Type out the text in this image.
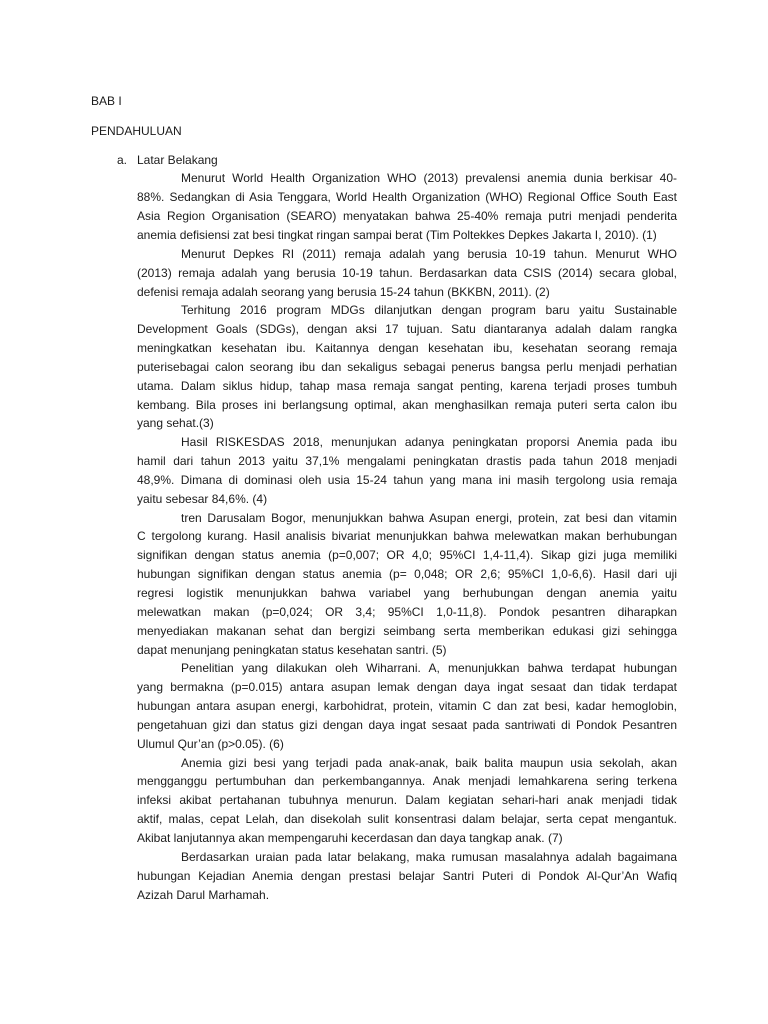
BAB I
PENDAHULUAN
a. Latar Belakang
Menurut World Health Organization WHO (2013) prevalensi anemia dunia berkisar 40-
88%. Sedangkan di Asia Tenggara, World Health Organization (WHO) Regional Office South East
Asia Region Organisation (SEARO) menyatakan bahwa 25-40% remaja putri menjadi penderita
anemia defisiensi zat besi tingkat ringan sampai berat (Tim Poltekkes Depkes Jakarta I, 2010). (1)
Menurut Depkes RI (2011) remaja adalah yang berusia 10-19 tahun. Menurut WHO
(2013) remaja adalah yang berusia 10-19 tahun. Berdasarkan data CSIS (2014) secara global,
defenisi remaja adalah seorang yang berusia 15-24 tahun (BKKBN, 2011). (2)
Terhitung 2016 program MDGs dilanjutkan dengan program baru yaitu Sustainable
Development Goals (SDGs), dengan aksi 17 tujuan. Satu diantaranya adalah dalam rangka
meningkatkan kesehatan ibu. Kaitannya dengan kesehatan ibu, kesehatan seorang remaja
puterisebagai calon seorang ibu dan sekaligus sebagai penerus bangsa perlu menjadi perhatian
utama. Dalam siklus hidup, tahap masa remaja sangat penting, karena terjadi proses tumbuh
kembang. Bila proses ini berlangsung optimal, akan menghasilkan remaja puteri serta calon ibu
yang sehat.(3)
Hasil RISKESDAS 2018, menunjukan adanya peningkatan proporsi Anemia pada ibu
hamil dari tahun 2013 yaitu 37,1% mengalami peningkatan drastis pada tahun 2018 menjadi
48,9%. Dimana di dominasi oleh usia 15-24 tahun yang mana ini masih tergolong usia remaja
yaitu sebesar 84,6%. (4)
tren Darusalam Bogor, menunjukkan bahwa Asupan energi, protein, zat besi dan vitamin
C tergolong kurang. Hasil analisis bivariat menunjukkan bahwa melewatkan makan berhubungan
signifikan dengan status anemia (p=0,007; OR 4,0; 95%CI 1,4-11,4). Sikap gizi juga memiliki
hubungan signifikan dengan status anemia (p= 0,048; OR 2,6; 95%CI 1,0-6,6). Hasil dari uji
regresi logistik menunjukkan bahwa variabel yang berhubungan dengan anemia yaitu
melewatkan makan (p=0,024; OR 3,4; 95%CI 1,0-11,8). Pondok pesantren diharapkan
menyediakan makanan sehat dan bergizi seimbang serta memberikan edukasi gizi sehingga
dapat menunjang peningkatan status kesehatan santri. (5)
Penelitian yang dilakukan oleh Wiharrani. A, menunjukkan bahwa terdapat hubungan
yang bermakna (p=0.015) antara asupan lemak dengan daya ingat sesaat dan tidak terdapat
hubungan antara asupan energi, karbohidrat, protein, vitamin C dan zat besi, kadar hemoglobin,
pengetahuan gizi dan status gizi dengan daya ingat sesaat pada santriwati di Pondok Pesantren
Ulumul Qur’an (p>0.05). (6)
Anemia gizi besi yang terjadi pada anak-anak, baik balita maupun usia sekolah, akan
mengganggu pertumbuhan dan perkembangannya. Anak menjadi lemahkarena sering terkena
infeksi akibat pertahanan tubuhnya menurun. Dalam kegiatan sehari-hari anak menjadi tidak
aktif, malas, cepat Lelah, dan disekolah sulit konsentrasi dalam belajar, serta cepat mengantuk.
Akibat lanjutannya akan mempengaruhi kecerdasan dan daya tangkap anak. (7)
Berdasarkan uraian pada latar belakang, maka rumusan masalahnya adalah bagaimana
hubungan Kejadian Anemia dengan prestasi belajar Santri Puteri di Pondok Al-Qur’An Wafiq
Azizah Darul Marhamah.
